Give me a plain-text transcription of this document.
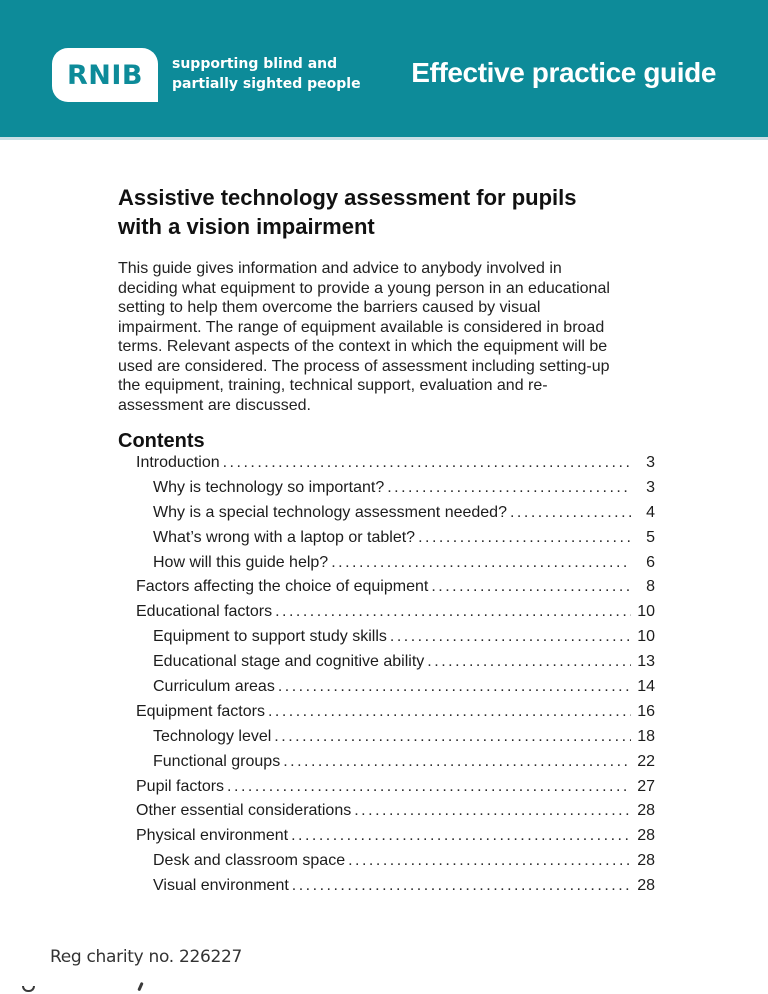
RNIB supporting blind and
partially sighted people Effective practice guide
Assistive technology assessment for pupils with a vision impairment

This guide gives information and advice to anybody involved in deciding what equipment to provide a young person in an educational setting to help them overcome the barriers caused by visual impairment. The range of equipment available is considered in broad terms. Relevant aspects of the context in which the equipment will be used are considered. The process of assessment including setting-up the equipment, training, technical support, evaluation and re-assessment are discussed.

Contents
Introduction .....	3
Why is technology so important? .....	3
Why is a special technology assessment needed? .....	4
What’s wrong with a laptop or tablet? .....	5
How will this guide help? .....	6
Factors affecting the choice of equipment .....	8
Educational factors .....	10
Equipment to support study skills .....	10
Educational stage and cognitive ability .....	13
Curriculum areas .....	14
Equipment factors .....	16
Technology level .....	18
Functional groups .....	22
Pupil factors .....	27
Other essential considerations .....	28
Physical environment .....	28
Desk and classroom space .....	28
Visual environment .....	28
Reg charity no. 226227
